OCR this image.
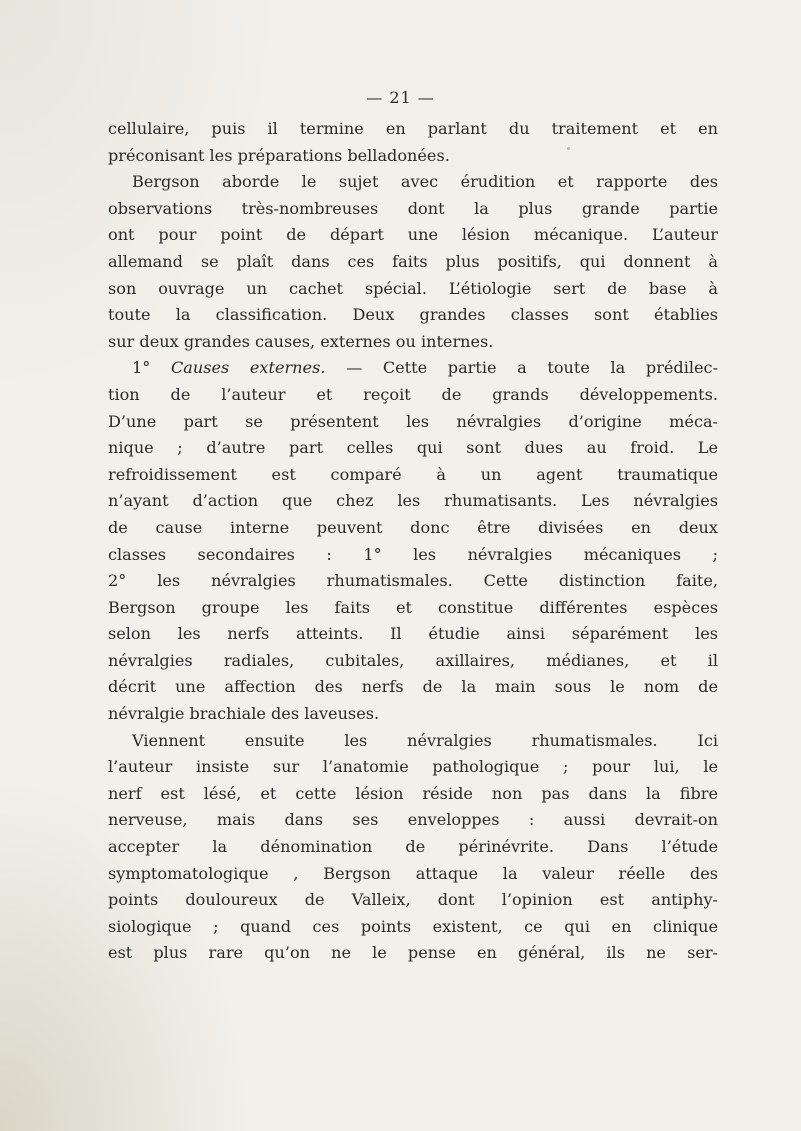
— 21 —
cellulaire, puis il termine en parlant du traitement et en
préconisant les préparations belladonées.
Bergson aborde le sujet avec érudition et rapporte des
observations très-nombreuses dont la plus grande partie
ont pour point de départ une lésion mécanique. L’auteur
allemand se plaît dans ces faits plus positifs, qui donnent à
son ouvrage un cachet spécial. L’étiologie sert de base à
toute la classification. Deux grandes classes sont établies
sur deux grandes causes, externes ou internes.
1° Causes externes. — Cette partie a toute la prédilec-
tion de l’auteur et reçoit de grands développements.
D’une part se présentent les névralgies d’origine méca-
nique ; d’autre part celles qui sont dues au froid. Le
refroidissement est comparé à un agent traumatique
n’ayant d’action que chez les rhumatisants. Les névralgies
de cause interne peuvent donc être divisées en deux
classes secondaires : 1° les névralgies mécaniques ;
2° les névralgies rhumatismales. Cette distinction faite,
Bergson groupe les faits et constitue différentes espèces
selon les nerfs atteints. Il étudie ainsi séparément les
névralgies radiales, cubitales, axillaires, médianes, et il
décrit une affection des nerfs de la main sous le nom de
névralgie brachiale des laveuses.
Viennent ensuite les névralgies rhumatismales. Ici
l’auteur insiste sur l’anatomie pathologique ; pour lui, le
nerf est lésé, et cette lésion réside non pas dans la fibre
nerveuse, mais dans ses enveloppes : aussi devrait-on
accepter la dénomination de périnévrite. Dans l’étude
symptomatologique , Bergson attaque la valeur réelle des
points douloureux de Valleix, dont l’opinion est antiphy-
siologique ; quand ces points existent, ce qui en clinique
est plus rare qu’on ne le pense en général, ils ne ser-
